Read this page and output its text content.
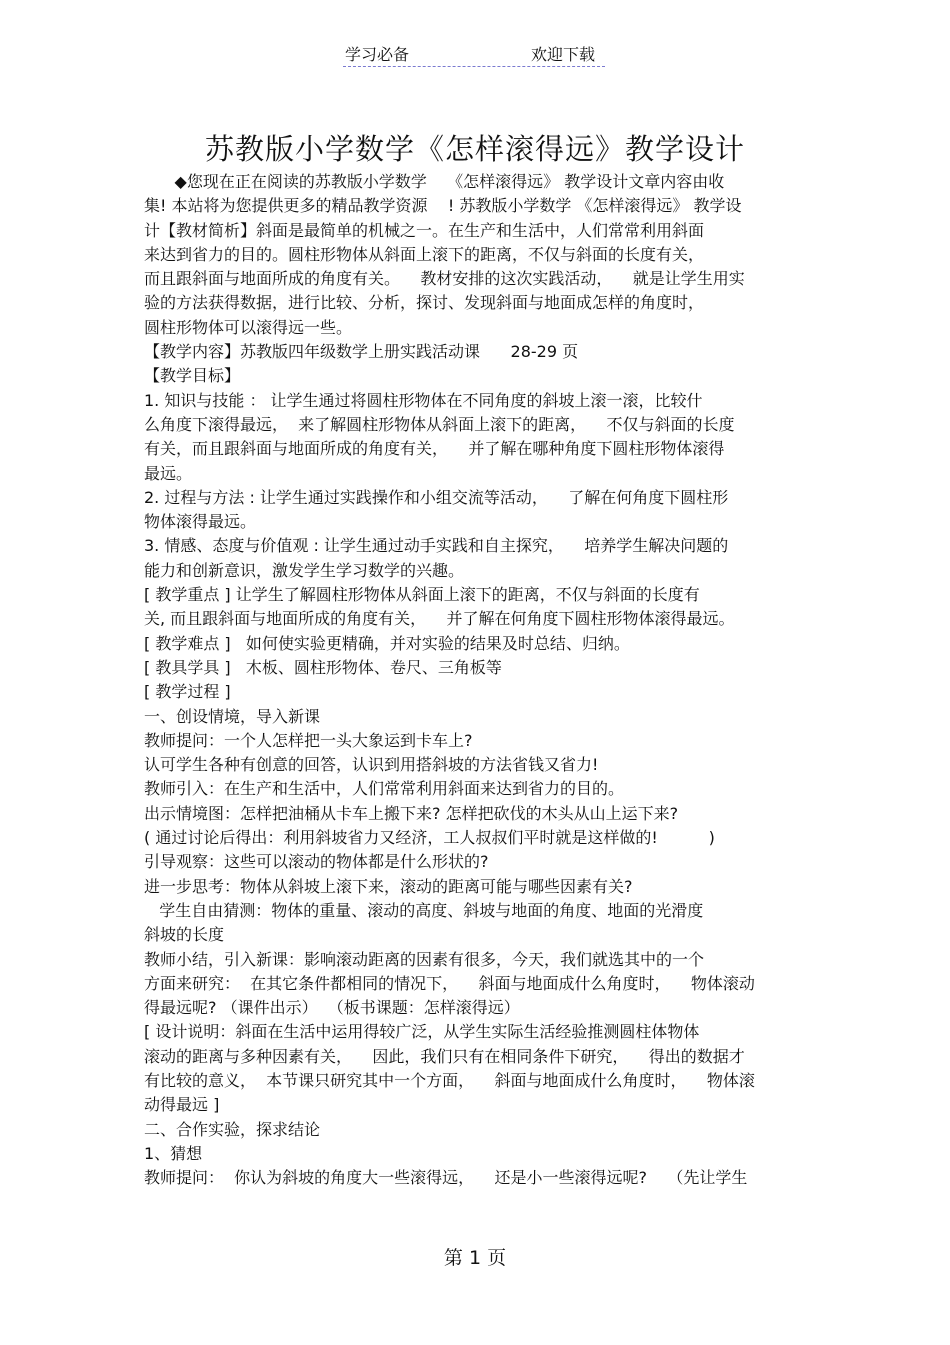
学习必备	欢迎下载
苏教版小学数学《怎样滚得远》教学设计
◆您现在正在阅读的苏教版小学数学    《怎样滚得远》 教学设计文章内容由收
集! 本站将为您提供更多的精品教学资源    ! 苏教版小学数学 《怎样滚得远》 教学设
计【教材简析】斜面是最简单的机械之一。在生产和生活中，人们常常利用斜面
来达到省力的目的。圆柱形物体从斜面上滚下的距离，不仅与斜面的长度有关，
而且跟斜面与地面所成的角度有关。    教材安排的这次实践活动，    就是让学生用实
验的方法获得数据，进行比较、分析，探讨、发现斜面与地面成怎样的角度时，
圆柱形物体可以滚得远一些。
【教学内容】苏教版四年级数学上册实践活动课      28-29 页
【教学目标】
1. 知识与技能 ： 让学生通过将圆柱形物体在不同角度的斜坡上滚一滚，比较什
么角度下滚得最远，  来了解圆柱形物体从斜面上滚下的距离，    不仅与斜面的长度
有关，而且跟斜面与地面所成的角度有关，    并了解在哪种角度下圆柱形物体滚得
最远。
2. 过程与方法 : 让学生通过实践操作和小组交流等活动，    了解在何角度下圆柱形
物体滚得最远。
3. 情感、态度与价值观 : 让学生通过动手实践和自主探究，    培养学生解决问题的
能力和创新意识，激发学生学习数学的兴趣。
[ 教学重点 ] 让学生了解圆柱形物体从斜面上滚下的距离，不仅与斜面的长度有
关, 而且跟斜面与地面所成的角度有关，    并了解在何角度下圆柱形物体滚得最远。
[ 教学难点 ]   如何使实验更精确，并对实验的结果及时总结、归纳。
[ 教具学具 ]   木板、圆柱形物体、卷尺、三角板等
[ 教学过程 ]
一、创设情境，导入新课
教师提问：一个人怎样把一头大象运到卡车上?
认可学生各种有创意的回答，认识到用搭斜坡的方法省钱又省力!
教师引入：在生产和生活中，人们常常利用斜面来达到省力的目的。
出示情境图：怎样把油桶从卡车上搬下来? 怎样把砍伐的木头从山上运下来?
( 通过讨论后得出：利用斜坡省力又经济，工人叔叔们平时就是这样做的!          )
引导观察：这些可以滚动的物体都是什么形状的?
进一步思考：物体从斜坡上滚下来，滚动的距离可能与哪些因素有关?
学生自由猜测：物体的重量、滚动的高度、斜坡与地面的角度、地面的光滑度
斜坡的长度
教师小结，引入新课：影响滚动距离的因素有很多，今天，我们就选其中的一个
方面来研究：  在其它条件都相同的情况下，    斜面与地面成什么角度时，    物体滚动
得最远呢? （课件出示）  （板书课题：怎样滚得远）
[ 设计说明：斜面在生活中运用得较广泛，从学生实际生活经验推测圆柱体物体
滚动的距离与多种因素有关，    因此，我们只有在相同条件下研究，    得出的数据才
有比较的意义，  本节课只研究其中一个方面，    斜面与地面成什么角度时，    物体滚
动得最远 ]
二、合作实验，探求结论
1、猜想
教师提问：  你认为斜坡的角度大一些滚得远，    还是小一些滚得远呢?    （先让学生
第 1 页
